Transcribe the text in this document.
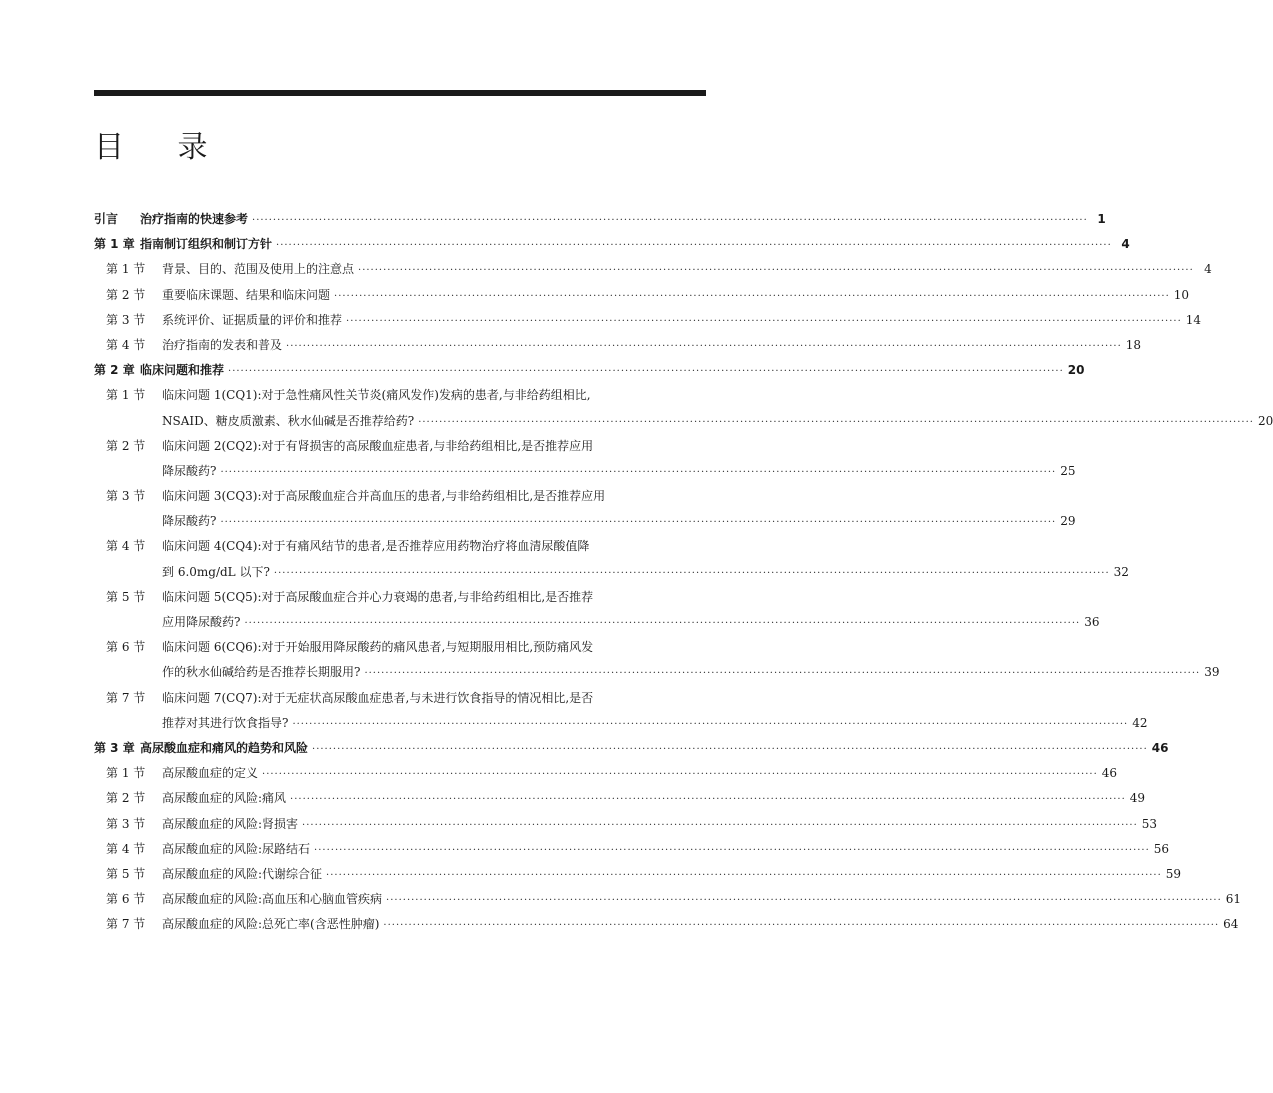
目 录
引言	治疗指南的快速参考 ········································································································································································································ 1
第 1 章 指南制订组织和制订方针 ········································································································································································································ 4
第 1 节	背景、目的、范围及使用上的注意点 ········································································································································································································ 4
第 2 节	重要临床课题、结果和临床问题 ········································································································································································································ 10
第 3 节	系统评价、证据质量的评价和推荐 ········································································································································································································ 14
第 4 节	治疗指南的发表和普及 ········································································································································································································ 18
第 2 章 临床问题和推荐 ········································································································································································································ 20
第 1 节	临床问题 1(CQ1):对于急性痛风性关节炎(痛风发作)发病的患者,与非给药组相比,
NSAID、糖皮质激素、秋水仙碱是否推荐给药? ········································································································································································································ 20
第 2 节	临床问题 2(CQ2):对于有肾损害的高尿酸血症患者,与非给药组相比,是否推荐应用
降尿酸药? ········································································································································································································ 25
第 3 节	临床问题 3(CQ3):对于高尿酸血症合并高血压的患者,与非给药组相比,是否推荐应用
降尿酸药? ········································································································································································································ 29
第 4 节	临床问题 4(CQ4):对于有痛风结节的患者,是否推荐应用药物治疗将血清尿酸值降
到 6.0mg/dL 以下? ········································································································································································································ 32
第 5 节	临床问题 5(CQ5):对于高尿酸血症合并心力衰竭的患者,与非给药组相比,是否推荐
应用降尿酸药? ········································································································································································································ 36
第 6 节	临床问题 6(CQ6):对于开始服用降尿酸药的痛风患者,与短期服用相比,预防痛风发
作的秋水仙碱给药是否推荐长期服用? ········································································································································································································ 39
第 7 节	临床问题 7(CQ7):对于无症状高尿酸血症患者,与未进行饮食指导的情况相比,是否
推荐对其进行饮食指导? ········································································································································································································ 42
第 3 章 高尿酸血症和痛风的趋势和风险 ········································································································································································································ 46
第 1 节	高尿酸血症的定义 ········································································································································································································ 46
第 2 节	高尿酸血症的风险:痛风 ········································································································································································································ 49
第 3 节	高尿酸血症的风险:肾损害 ········································································································································································································ 53
第 4 节	高尿酸血症的风险:尿路结石 ········································································································································································································ 56
第 5 节	高尿酸血症的风险:代谢综合征 ········································································································································································································ 59
第 6 节	高尿酸血症的风险:高血压和心脑血管疾病 ········································································································································································································ 61
第 7 节	高尿酸血症的风险:总死亡率(含恶性肿瘤) ········································································································································································································ 64
